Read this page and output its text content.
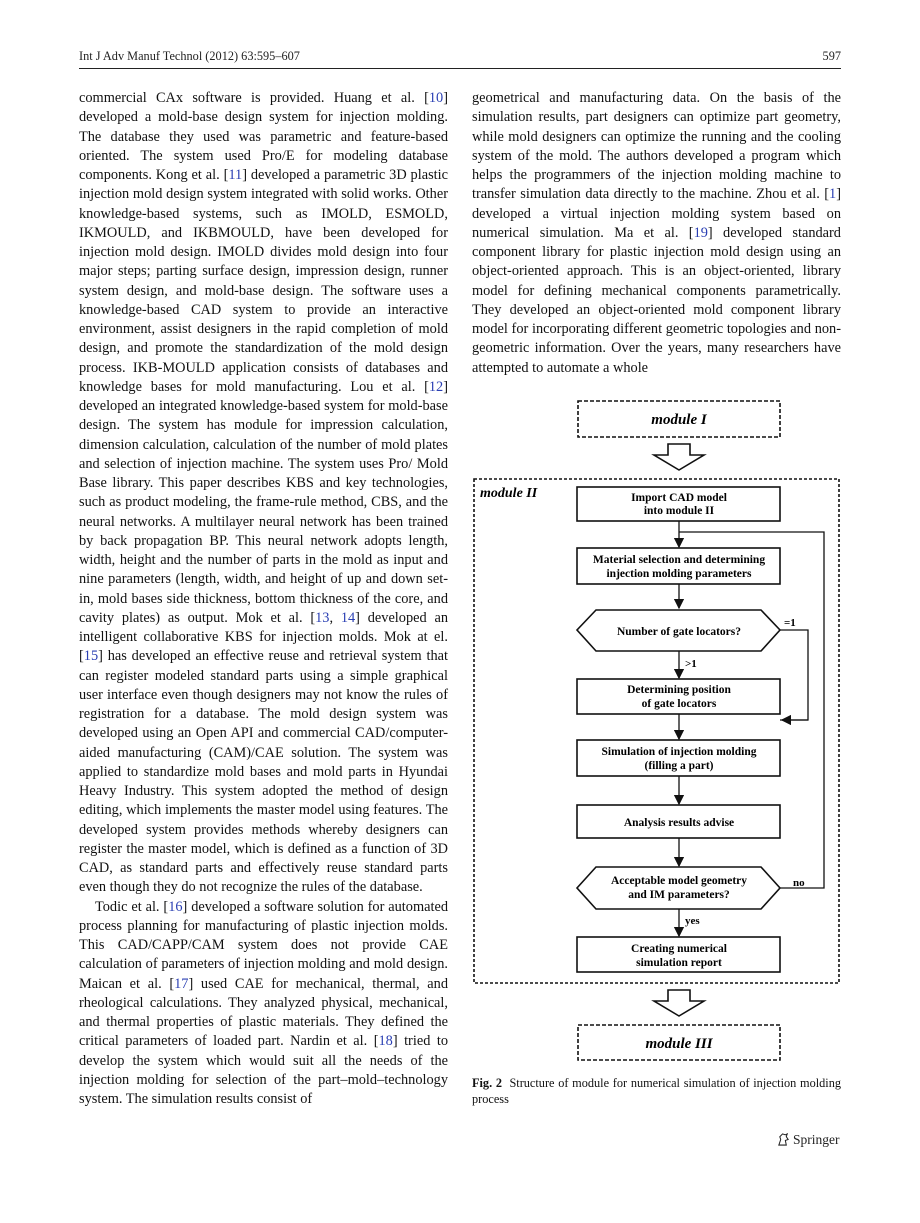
Int J Adv Manuf Technol (2012) 63:595–607	597

commercial CAx software is provided. Huang et al. [10] developed a mold-base design system for injection molding. The database they used was parametric and feature-based oriented. The system used Pro/E for modeling database components. Kong et al. [11] developed a parametric 3D plastic injection mold design system integrated with solid works. Other knowledge-based systems, such as IMOLD, ESMOLD, IKMOULD, and IKBMOULD, have been developed for injection mold design. IMOLD divides mold design into four major steps; parting surface design, impression design, runner system design, and mold-base design. The software uses a knowledge-based CAD system to provide an interactive environment, assist designers in the rapid completion of mold design, and promote the standardization of the mold design process. IKB-MOULD application consists of databases and knowledge bases for mold manufacturing. Lou et al. [12] developed an integrated knowledge-based system for mold-base design. The system has module for impression calculation, dimension calculation, calculation of the number of mold plates and selection of injection machine. The system uses Pro/ Mold Base library. This paper describes KBS and key technologies, such as product modeling, the frame-rule method, CBS, and the neural networks. A multilayer neural network has been trained by back propagation BP. This neural network adopts length, width, height and the number of parts in the mold as input and nine parameters (length, width, and height of up and down set-in, mold bases side thickness, bottom thickness of the core, and cavity plates) as output. Mok et al. [13, 14] developed an intelligent collaborative KBS for injection molds. Mok at el. [15] has developed an effective reuse and retrieval system that can register modeled standard parts using a simple graphical user interface even though designers may not know the rules of registration for a database. The mold design system was developed using an Open API and commercial CAD/computer-aided manufacturing (CAM)/CAE solution. The system was applied to standardize mold bases and mold parts in Hyundai Heavy Industry. This system adopted the method of design editing, which implements the master model using features. The developed system provides methods whereby designers can register the master model, which is defined as a function of 3D CAD, as standard parts and effectively reuse standard parts even though they do not recognize the rules of the database.

Todic et al. [16] developed a software solution for automated process planning for manufacturing of plastic injection molds. This CAD/CAPP/CAM system does not provide CAE calculation of parameters of injection molding and mold design. Maican et al. [17] used CAE for mechanical, thermal, and rheological calculations. They analyzed physical, mechanical, and thermal properties of plastic materials. They defined the critical parameters of loaded part. Nardin et al. [18] tried to develop the system which would suit all the needs of the injection molding for selection of the part–mold–technology system. The simulation results consist of

geometrical and manufacturing data. On the basis of the simulation results, part designers can optimize part geometry, while mold designers can optimize the running and the cooling system of the mold. The authors developed a program which helps the programmers of the injection molding machine to transfer simulation data directly to the machine. Zhou et al. [1] developed a virtual injection molding system based on numerical simulation. Ma et al. [19] developed standard component library for plastic injection mold design using an object-oriented approach. This is an object-oriented, library model for defining mechanical components parametrically. They developed an object-oriented mold component library model for incorporating different geometric topologies and non-geometric information. Over the years, many researchers have attempted to automate a whole

module I
module II	Import CAD model
into module II
Material selection and determining
injection molding parameters
Number of gate locators?
=1
>1
Determining position
of gate locators
Simulation of injection molding
(filling a part)
Analysis results advise
Acceptable model geometry
and IM parameters?
no
yes
Creating numerical
simulation report
module III
Fig. 2 Structure of module for numerical simulation of injection molding process
Springer
